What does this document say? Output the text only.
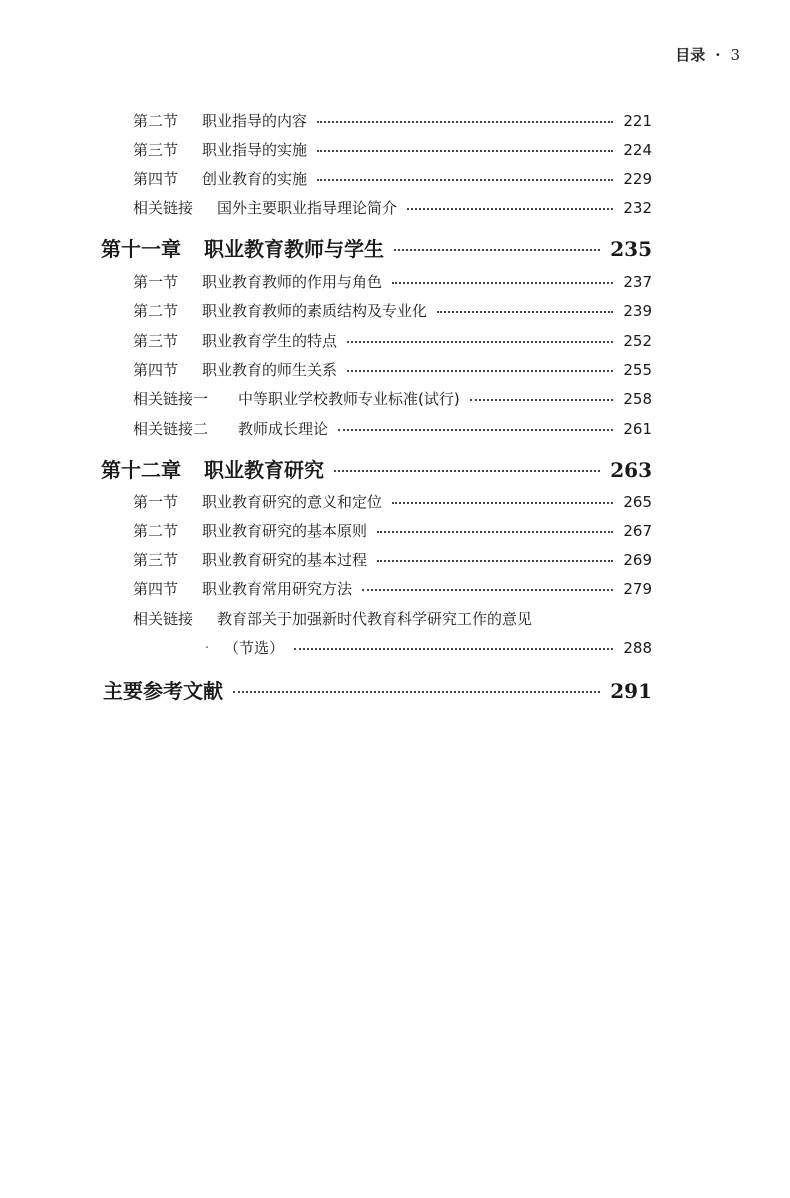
目录 · 3
第二节	职业指导的内容	221
第三节	职业指导的实施	224
第四节	创业教育的实施	229
相关链接	国外主要职业指导理论简介	232
第十一章	职业教育教师与学生	235
第一节	职业教育教师的作用与角色	237
第二节	职业教育教师的素质结构及专业化	239
第三节	职业教育学生的特点	252
第四节	职业教育的师生关系	255
相关链接一	中等职业学校教师专业标准(试行)	258
相关链接二	教师成长理论	261
第十二章	职业教育研究	263
第一节	职业教育研究的意义和定位	265
第二节	职业教育研究的基本原则	267
第三节	职业教育研究的基本过程	269
第四节	职业教育常用研究方法	279
相关链接	教育部关于加强新时代教育科学研究工作的意见
· （节选）	288
主要参考文献	291
